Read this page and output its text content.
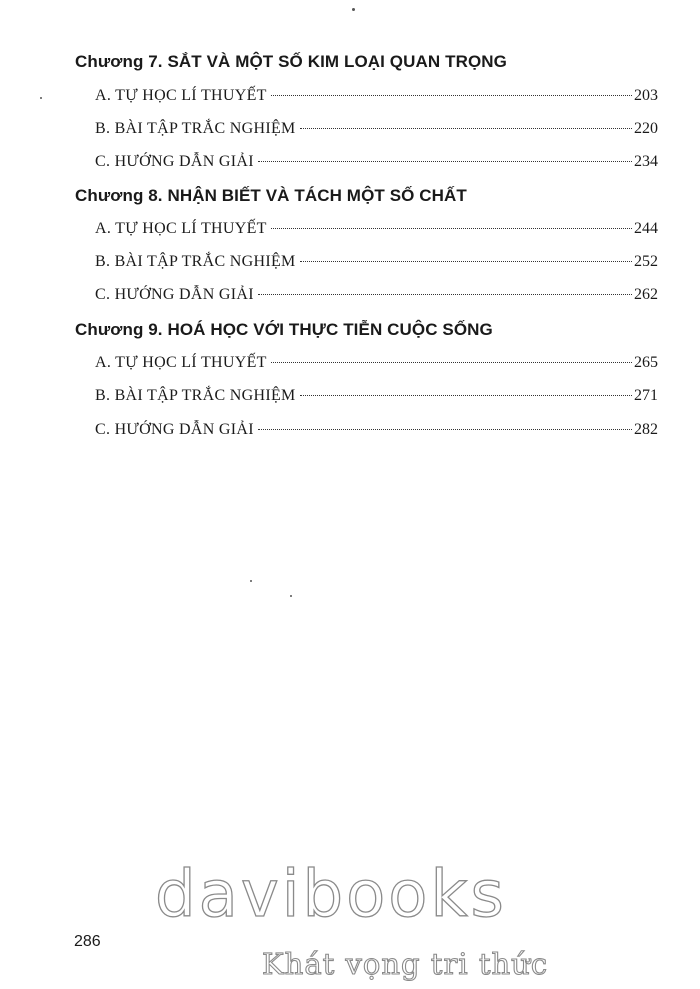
Chương 7. SẮT VÀ MỘT SỐ KIM LOẠI QUAN TRỌNG
A. TỰ HỌC LÍ THUYẾT	203
B. BÀI TẬP TRẮC NGHIỆM	220
C. HƯỚNG DẪN GIẢI	234
Chương 8. NHẬN BIẾT VÀ TÁCH MỘT SỐ CHẤT
A. TỰ HỌC LÍ THUYẾT	244
B. BÀI TẬP TRẮC NGHIỆM	252
C. HƯỚNG DẪN GIẢI	262
Chương 9. HOÁ HỌC VỚI THỰC TIỄN CUỘC SỐNG
A. TỰ HỌC LÍ THUYẾT	265
B. BÀI TẬP TRẮC NGHIỆM	271
C. HƯỚNG DẪN GIẢI	282
286
davibooks
Khát vọng tri thức
